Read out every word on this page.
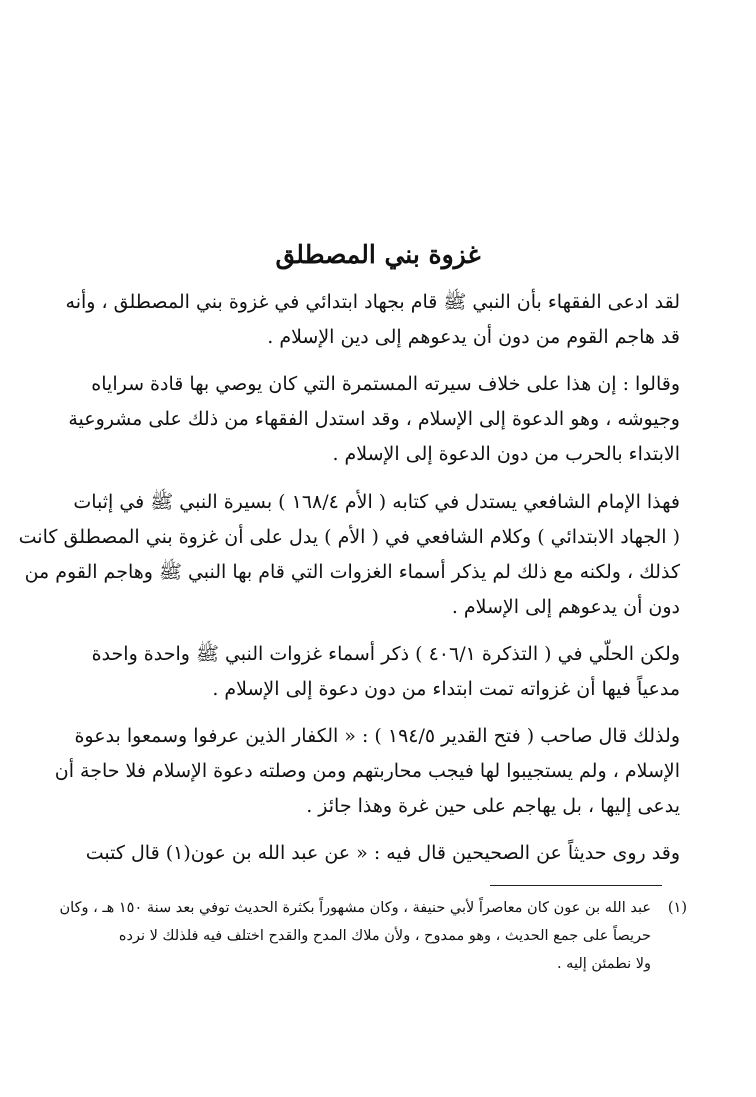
غزوة بني المصطلق
لقد ادعى الفقهاء بأن النبي ﷺ قام بجهاد ابتدائي في غزوة بني المصطلق ، وأنه
قد هاجم القوم من دون أن يدعوهم إلى دين الإسلام .
وقالوا : إن هذا على خلاف سيرته المستمرة التي كان يوصي بها قادة سراياه
وجيوشه ، وهو الدعوة إلى الإسلام ، وقد استدل الفقهاء من ذلك على مشروعية
الابتداء بالحرب من دون الدعوة إلى الإسلام .
فهذا الإمام الشافعي يستدل في كتابه ( الأم ١٦٨/٤ ) بسيرة النبي ﷺ في إثبات
( الجهاد الابتدائي ) وكلام الشافعي في ( الأم ) يدل على أن غزوة بني المصطلق كانت
كذلك ، ولكنه مع ذلك لم يذكر أسماء الغزوات التي قام بها النبي ﷺ وهاجم القوم من
دون أن يدعوهم إلى الإسلام .
ولكن الحلّي في ( التذكرة ٤٠٦/١ ) ذكر أسماء غزوات النبي ﷺ واحدة واحدة
مدعياً فيها أن غزواته تمت ابتداء من دون دعوة إلى الإسلام .
ولذلك قال صاحب ( فتح القدير ١٩٤/٥ ) : « الكفار الذين عرفوا وسمعوا بدعوة
الإسلام ، ولم يستجيبوا لها فيجب محاربتهم ومن وصلته دعوة الإسلام فلا حاجة أن
يدعى إليها ، بل يهاجم على حين غرة وهذا جائز .
وقد روى حديثاً عن الصحيحين قال فيه : « عن عبد الله بن عون(١) قال كتبت
(١)
عبد الله بن عون كان معاصراً لأبي حنيفة ، وكان مشهوراً بكثرة الحديث توفي بعد سنة ١٥٠ هـ ، وكان
حريصاً على جمع الحديث ، وهو ممدوح ، ولأن ملاك المدح والقدح اختلف فيه فلذلك لا نرده
ولا نطمئن إليه .
